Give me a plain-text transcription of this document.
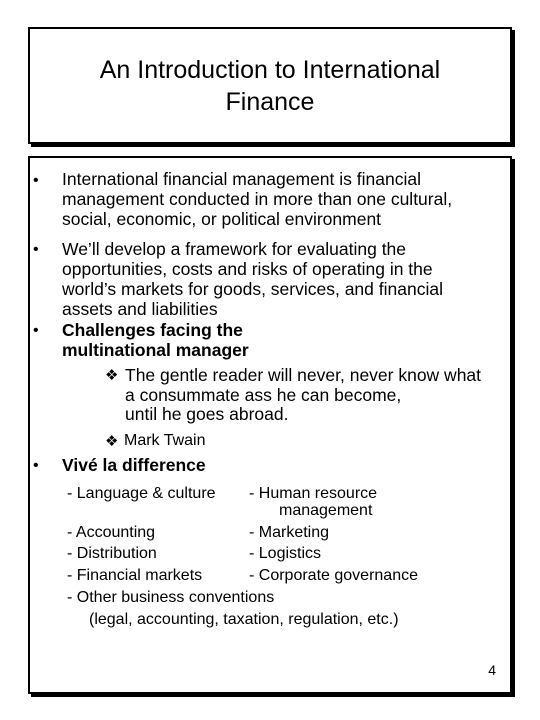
An Introduction to International
Finance
• International financial management is financial
management conducted in more than one cultural,
social, economic, or political environment
• We’ll develop a framework for evaluating the
opportunities, costs and risks of operating in the
world’s markets for goods, services, and financial
assets and liabilities
• Challenges facing the
multinational manager
❖ The gentle reader will never, never know what
a consummate ass he can become,
until he goes abroad.
❖ Mark Twain
• Vivé la difference
- Language & culture
- Accounting
- Distribution
- Financial markets
- Other business conventions
- Human resource
management
- Marketing
- Logistics
- Corporate governance
(legal, accounting, taxation, regulation, etc.)
4
